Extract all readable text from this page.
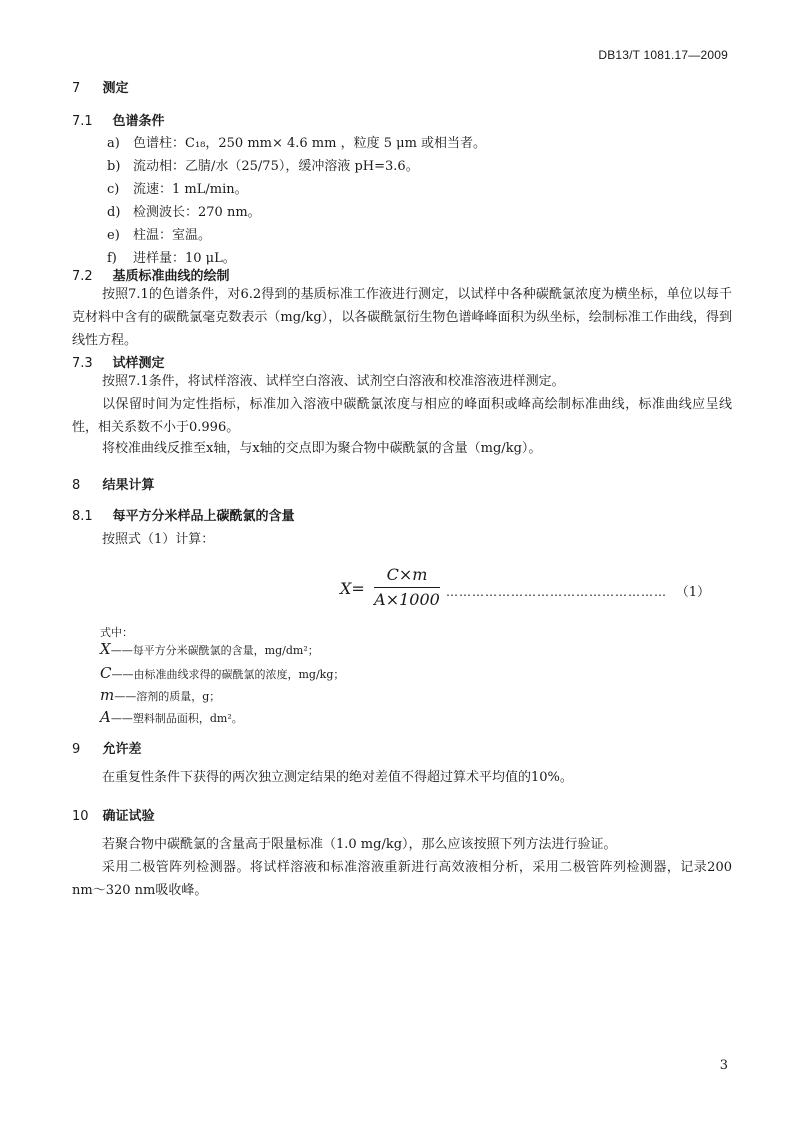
DB13/T 1081.17—2009
7 测定
7.1 色谱条件
a) 色谱柱：C₁₈，250 mm× 4.6 mm ，粒度 5 μm 或相当者。
b) 流动相：乙腈/水（25/75），缓冲溶液 pH=3.6。
c) 流速：1 mL/min。
d) 检测波长：270 nm。
e) 柱温：室温。
f) 进样量：10 μL。
7.2 基质标准曲线的绘制
按照7.1的色谱条件，对6.2得到的基质标准工作液进行测定，以试样中各种碳酰氯浓度为横坐标，单位以每千克材料中含有的碳酰氯毫克数表示（mg/kg），以各碳酰氯衍生物色谱峰峰面积为纵坐标，绘制标准工作曲线，得到线性方程。
7.3 试样测定
按照7.1条件，将试样溶液、试样空白溶液、试剂空白溶液和校准溶液进样测定。
以保留时间为定性指标，标准加入溶液中碳酰氯浓度与相应的峰面积或峰高绘制标准曲线，标准曲线应呈线性，相关系数不小于0.996。
将校准曲线反推至x轴，与x轴的交点即为聚合物中碳酰氯的含量（mg/kg）。
8 结果计算
8.1 每平方分米样品上碳酰氯的含量
按照式（1）计算：
X=
C×m
A×1000 …………………………………………… （1）
式中：
X——每平方分米碳酰氯的含量，mg/dm²；
C——由标准曲线求得的碳酰氯的浓度，mg/kg；
m——溶剂的质量，g；
A——塑料制品面积，dm²。
9 允许差
在重复性条件下获得的两次独立测定结果的绝对差值不得超过算术平均值的10%。
10 确证试验
若聚合物中碳酰氯的含量高于限量标准（1.0 mg/kg），那么应该按照下列方法进行验证。
采用二极管阵列检测器。将试样溶液和标准溶液重新进行高效液相分析，采用二极管阵列检测器，记录200 nm～320 nm吸收峰。
3
